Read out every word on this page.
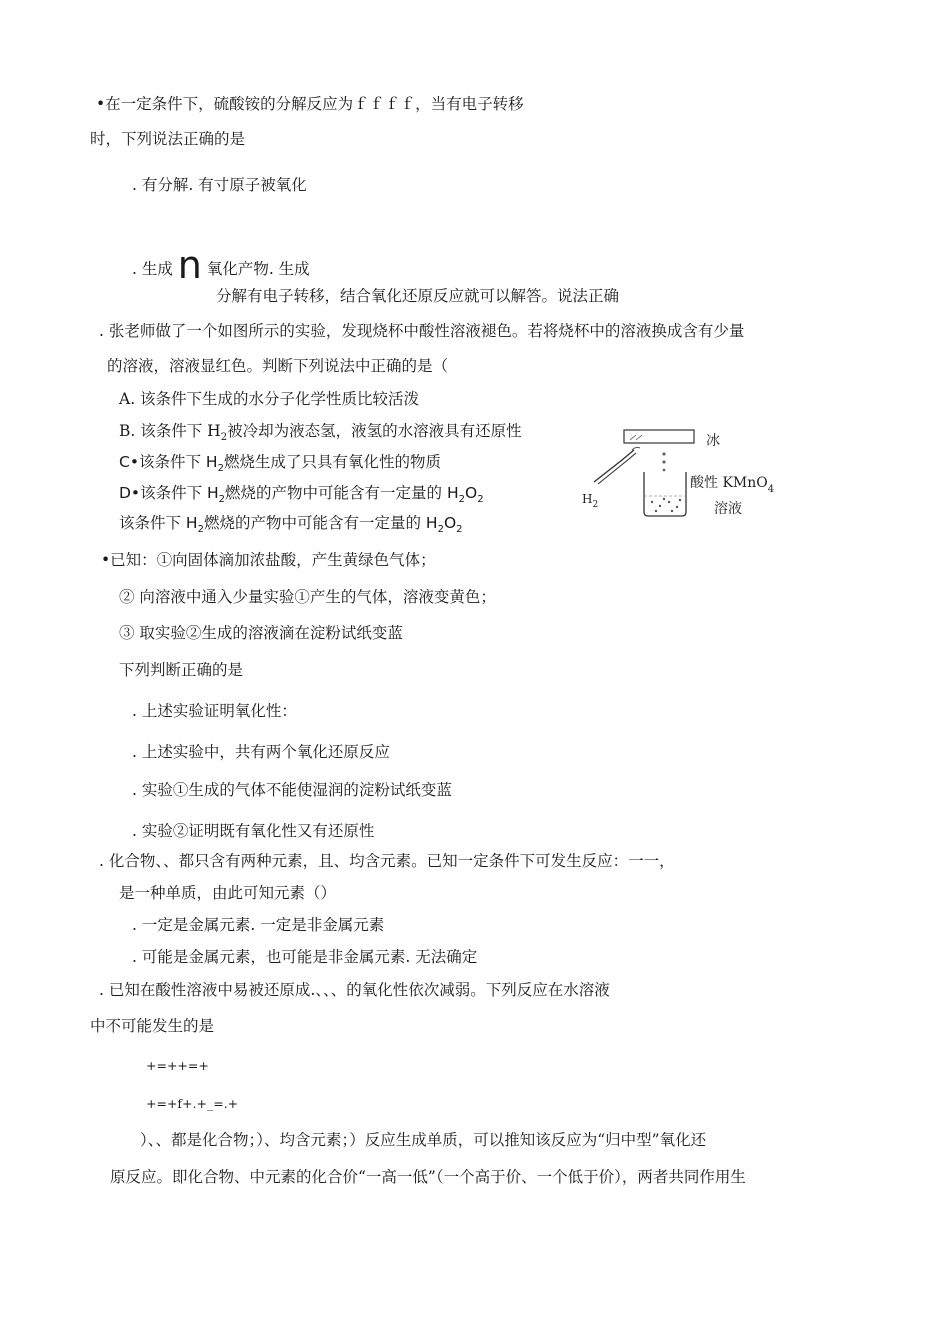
•在一定条件下，硫酸铵的分解反应为ｆｆｆｆ，当有电子转移
时，下列说法正确的是
. 有分解. 有寸原子被氧化
. 生成 n 氧化产物. 生成
分解有电子转移，结合氧化还原反应就可以解答。说法正确
. 张老师做了一个如图所示的实验，发现烧杯中酸性溶液褪色。若将烧杯中的溶液换成含有少量
的溶液，溶液显红色。判断下列说法中正确的是（
A. 该条件下生成的水分子化学性质比较活泼
B. 该条件下 $H_2$被冷却为液态氢，液氢的水溶液具有还原性
C•该条件下 $H_2$燃烧生成了只具有氧化性的物质
D•该条件下 $H_2$燃烧的产物中可能含有一定量的 $H_2O_2$
该条件下 $H_2$燃烧的产物中可能含有一定量的 $H_2O_2$
冰
$H_2$
酸性 KMnO$_4$
溶液
•已知：①向固体滴加浓盐酸，产生黄绿色气体；
② 向溶液中通入少量实验①产生的气体，溶液变黄色；
③ 取实验②生成的溶液滴在淀粉试纸变蓝
下列判断正确的是
. 上述实验证明氧化性：
. 上述实验中，共有两个氧化还原反应
. 实验①生成的气体不能使湿润的淀粉试纸变蓝
. 实验②证明既有氧化性又有还原性
. 化合物、、都只含有两种元素，且、均含元素。已知一定条件下可发生反应：一一，
是一种单质，由此可知元素（）
. 一定是金属元素. 一定是非金属元素
. 可能是金属元素，也可能是非金属元素. 无法确定
. 已知在酸性溶液中易被还原成.、、、的氧化性依次减弱。下列反应在水溶液
中不可能发生的是
+=++=+
+=+f+.+_=.+
）、、都是化合物；）、均含元素；）反应生成单质，可以推知该反应为“归中型”氧化还
原反应。即化合物、中元素的化合价“一高一低”（一个高于价、一个低于价），两者共同作用生
